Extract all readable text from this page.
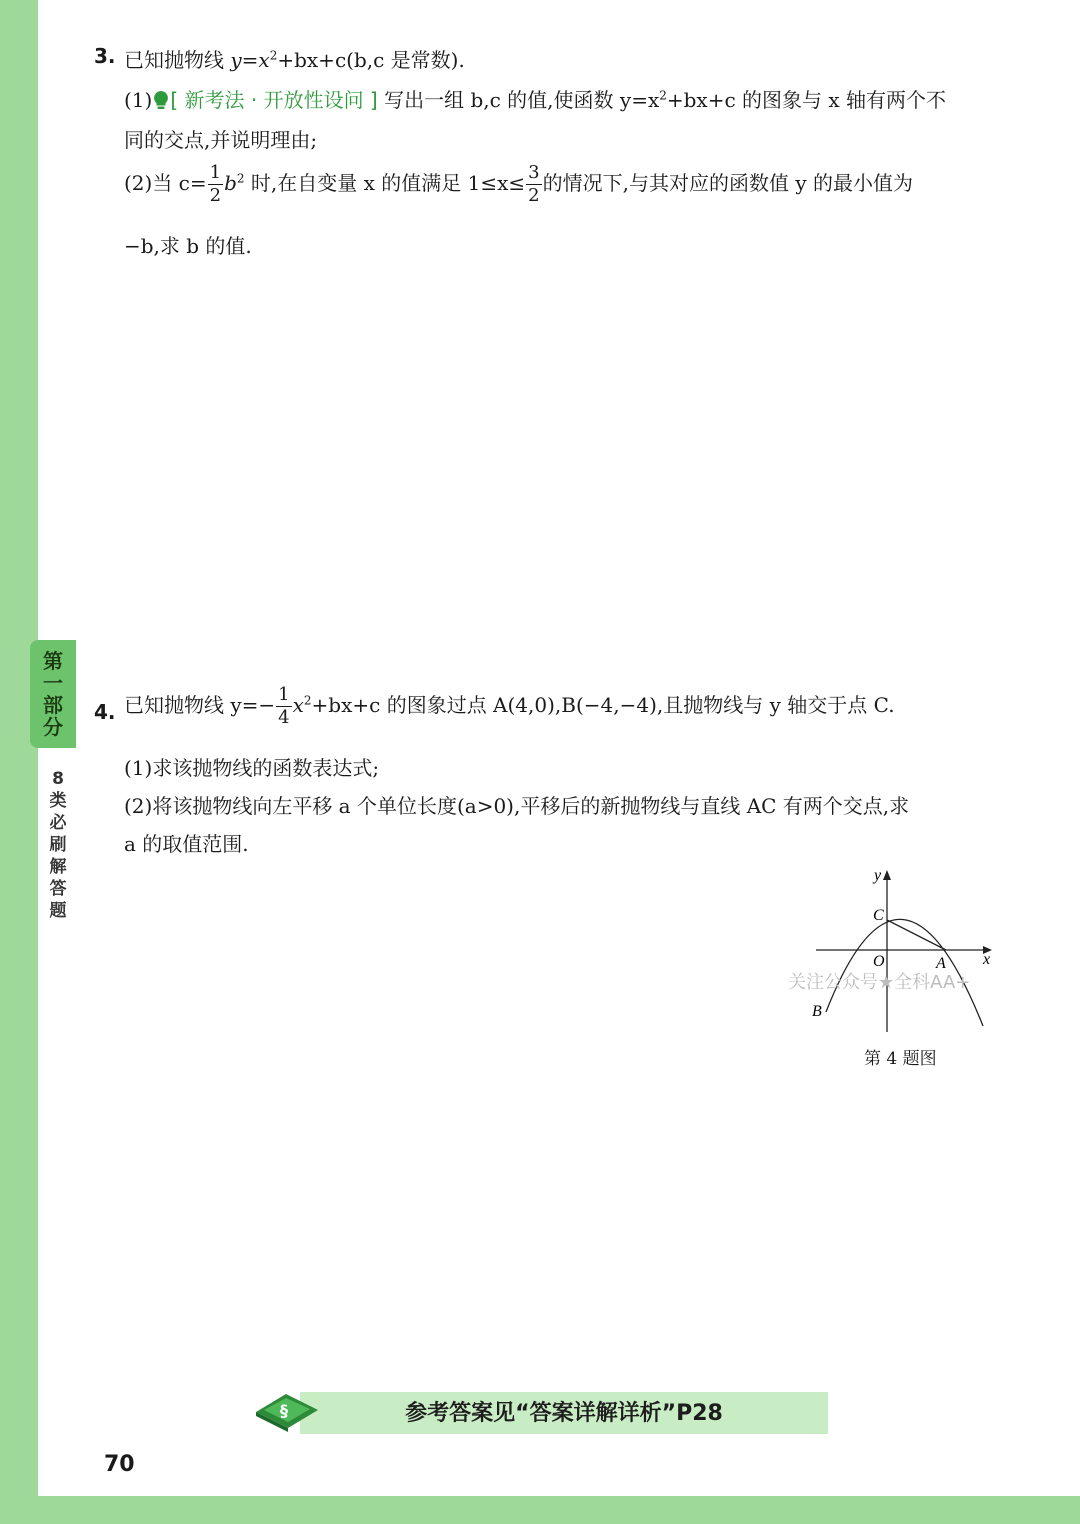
第
一
部
分
8
类
必
刷
解
答
题
3. 已知抛物线 $y=x^2+bx+c(b,c$ 是常数).
(1) [ 新考法 · 开放性设问 ] 写出一组 b,c 的值,使函数 $y=x^2+bx+c$ 的图象与 x 轴有两个不
同的交点,并说明理由;
(2)当 $c= \frac{1}{2} b^2$ 时,在自变量 x 的值满足 $1\le x\le \frac{3}{2}$ 的情况下,与其对应的函数值 y 的最小值为
−b,求 b 的值.
4. 已知抛物线 $y=- \frac{1}{4} x^2+bx+c$ 的图象过点 A(4,0),B(−4,−4),且抛物线与 y 轴交于点 C.
(1)求该抛物线的函数表达式;
(2)将该抛物线向左平移 a 个单位长度(a>0),平移后的新抛物线与直线 AC 有两个交点,求
a 的取值范围.
y
x
C
O	A
B
关注公众号★全科AA+
第 4 题图
§	参考答案见“答案详解详析”P28
70
